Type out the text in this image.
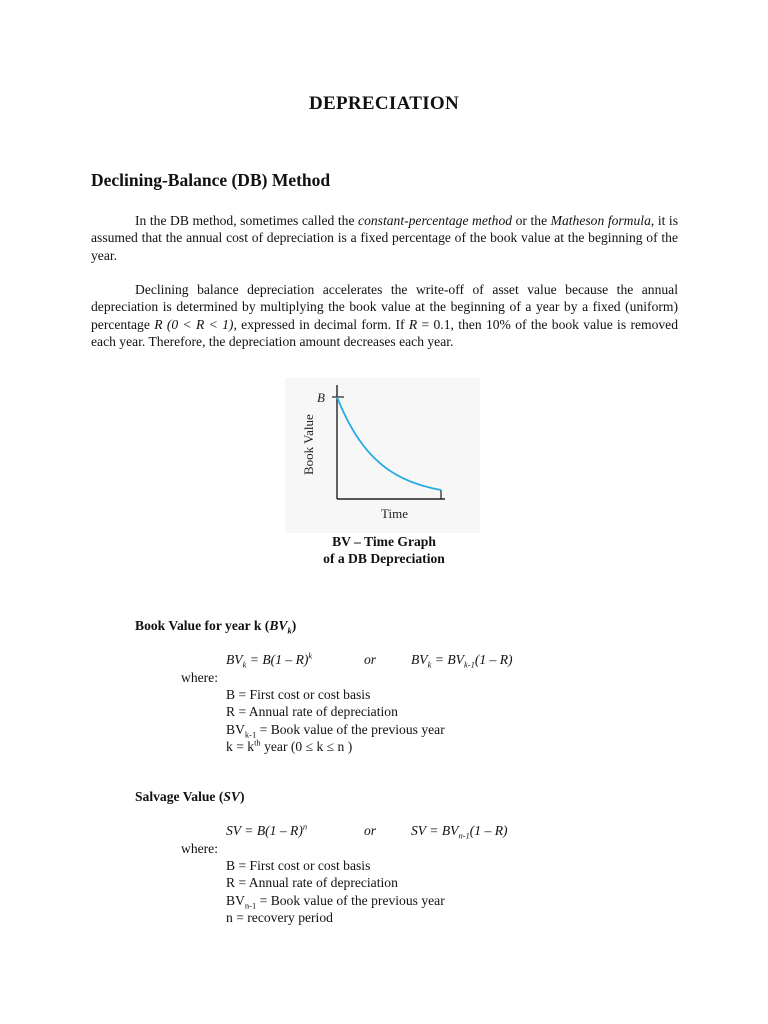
DEPRECIATION
Declining-Balance (DB) Method

In the DB method, sometimes called the constant-percentage method or the Matheson formula, it is assumed that the annual cost of depreciation is a fixed percentage of the book value at the beginning of the year.

Declining balance depreciation accelerates the write-off of asset value because the annual depreciation is determined by multiplying the book value at the beginning of a year by a fixed (uniform) percentage R (0 < R < 1), expressed in decimal form. If R = 0.1, then 10% of the book value is removed each year. Therefore, the depreciation amount decreases each year.

B
Book Value
Time
BV – Time Graph
of a DB Depreciation
Book Value for year k $(BV_k)$
$BV_k = B(1 - R)^k$	or	$BV_k = BV_{k-1}(1 - R)$
where:
B = First cost or cost basis
R = Annual rate of depreciation
$BV_{k-1}$ = Book value of the previous year
$k = k^{th}$ year (0 ≤ k ≤ n )
Salvage Value (SV)
SV = B(1 – R)$^n$	or	SV = $BV_{n-1}(1 - R)$
where:
B = First cost or cost basis
R = Annual rate of depreciation
$BV_{n-1}$ = Book value of the previous year
n = recovery period
